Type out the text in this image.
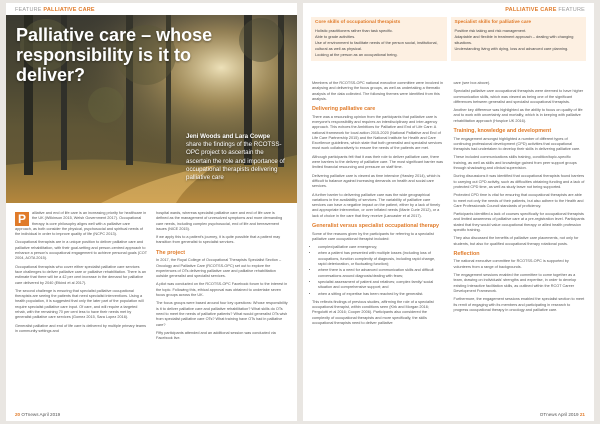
FEATURE PALLIATIVE CARE
Palliative care – whose responsibility is it to deliver?

Jeni Woods and Lara Cowpe share the findings of the RCOTSS-OPC project to ascertain the ascertain the role and importance of occupational therapists delivering palliative care

P	alliative and end of life care is an increasing priority for healthcare in the UK (Wilkinson 2015, Welsh Government 2017). Occupational therapy is core philosophy aligns well with a palliative care approach, as both consider the physical, psychosocial and spiritual needs of the individual in order to improve quality of life (NCPC 2013).

Occupational therapists are in a unique position to deliver palliative care and palliative rehabilitation, with their goal-setting and person-centred approach to enhance a person's occupational engagement to achieve personal goals (COT 2004, AOTA 2015).

Occupational therapists who cover either specialist palliative care services face challenges to deliver palliative care or palliative rehabilitation. There is an estimate that there will be a 42 per cent increase in the demand for palliative care delivered by 2040 (Etkind et al 2017).

The second challenge is ensuring that specialist palliative occupational therapists are seeing the patients that need specialist interventions. Using a health population, it is suggested that only the later part of the population will require specialist palliative care input. Of care, and will require a targeted rehab, with the remaining 70 per cent less to have their needs met by generalist palliative care services (Gomez 2015, Sara Lopez 2016).

Generalist palliative and end of life care is delivered by multiple primary teams in community settings and

hospital wards, whereas specialist palliative care and end of life care is defined as the management of unresolved symptoms and more demanding care needs, including complex psychosocial, end of life and bereavement issues (NICE 2015).

If we apply this to a patient's journey, it is quite possible that a patient may transition from generalist to specialist services.

The project

In 2017, the Royal College of Occupational Therapists Specialist Section – Oncology and Palliative Care (RCOTSS-OPC) set out to explore the experiences of OTs delivering palliative care and palliative rehabilitation outside generalist and specialist services.

A pilot was conducted on the RCOTSS-OPC Facebook forum to the interest in the topic. Following this, ethical approval was obtained to undertake seven focus groups across the UK.

The focus groups were based around four key questions: Whose responsibility is it to deliver palliative care and palliative rehabilitation? What skills do OTs need to meet the needs of palliative patients? What would generalist OTs wish from specialist palliative care OTs? What training have OTs had in palliative care?

Fifty participants attended and an additional session was conducted via Facebook live.

20 OTnews April 2019
PALLIATIVE CARE FEATURE
Core skills of occupational therapists
Holistic practitioners rather than task specific.
Able to grade activities.
Use of environment to facilitate needs of the person social, institutional, cultural as well as physical.
Looking at the person as an occupational being.
Specialist skills for palliative care
Positive risk taking and risk management.
Adaptable and flexible in treatment approach – dealing with changing situations.
Understanding living with dying, loss and advanced care planning.

Members of the RCOTSS-OPC national executive committee were involved in analysing and delivering the focus groups, as well as undertaking a thematic analysis of the data collected. The following themes were identified from this analysis.

Delivering palliative care

There was a resounding opinion from the participants that palliative care is everyone's responsibility and requires an interdisciplinary and inter-agency approach. This echoes the Ambitions for Palliative and End of Life Care: A national framework for local action 2015-2020 (National Palliative and End of Life Care Partnership 2015) and the National Institute for Health and Care Excellence guidelines, which state that both generalist and specialist services must work collaboratively to ensure the needs of the patients are met.

Although participants felt that it was their role to deliver palliative care, there were barriers to the delivery of palliative care. The most significant barrier was limited financial resourcing and pressure on staff time.

Delivering palliative care is viewed as time intensive (Hawley 2014), which is difficult to balance against increasing demands on health and social care services.

A further barrier to delivering palliative care was the wide geographical variations in the availability of services. The variability of palliative care services can have a negative impact on the patient, either by a lack of timely and appropriate intervention, or over inflated needs (Marie Curie 2012), or a lack of choice in the care that they receive (Lancaster et al 2017).

Generalist versus specialist occupational therapy

Some of the reasons given by the participants for referring to a specialist palliative care occupational therapist included:

• complex/palliative care emergency;
• when a patient has presented with multiple losses (including loss of occupations, function complexity of diagnosis, including rapid change, rapid deterioration, or fluctuating function);
• where there is a need for advanced communication skills and difficult conversations around diagnosis/dealing with fears;
• specialist assessment of patient and relatives; complex family/ social situation and comprehensive support; and
• when a sitting of expertise has been reached by the generalist.

This reflects findings of previous studies, affirming the role of a specialist occupational therapist, within conditions seen (Kirk and Morgan 2016; Pergolotti et al 2016; Cooper 2006). Participants also considered the complexity of occupational therapists and more specifically, the skills occupational therapists need to deliver palliative

care (see box above).

Specialist palliative care occupational therapists were deemed to have higher communication skills, which was viewed as being one of the significant differences between generalist and specialist occupational therapists.

Another key difference was highlighted as the ability to focus on quality of life and to work with uncertainty and mortality, which is in keeping with palliative rehabilitation approach (Hospice UK 2016).

Training, knowledge and development

The engagement amongst highlighted a number of different types of continuing professional development (CPD) activities that occupational therapists had undertaken to develop their skills in delivering palliative care.

These included communications skills training, condition/topic-specific training, as well as skills and knowledge gained from peer support groups through shadowing and clinical supervision.

During discussions it was identified that occupational therapists found barriers to carrying out CPD activity, such as difficulties obtaining funding and a lack of protected CPD time, as well as study leave not being supported.

Protected CPD time is vital for ensuring that occupational therapists are able to meet not only the needs of their patients, but also adhere to the Health and Care Professionals Council standards of proficiency.

Participants identified a lack of courses specifically for occupational therapists and limited awareness of palliative care at a pre-registration level. Participants stated that they would value occupational therapy or allied health profession specific training.

They also discussed the benefits of palliative care placements, not only for students, but also for qualified occupational therapy rotational posts.

Reflection

The national executive committee for RCOTSS-OPC is supported by volunteers from a range of backgrounds.

The engagement sessions enabled the committee to come together as a team, drawing on individuals' strengths and expertise, in order to develop existing Interactive facilitation skills, as outlined within the RCOT Career Development Framework.

Furthermore, the engagement sessions enabled the specialist section to meet its remit of engaging with its members and participating in research to progress occupational therapy in oncology and palliative care.

OTnews April 2019 21
